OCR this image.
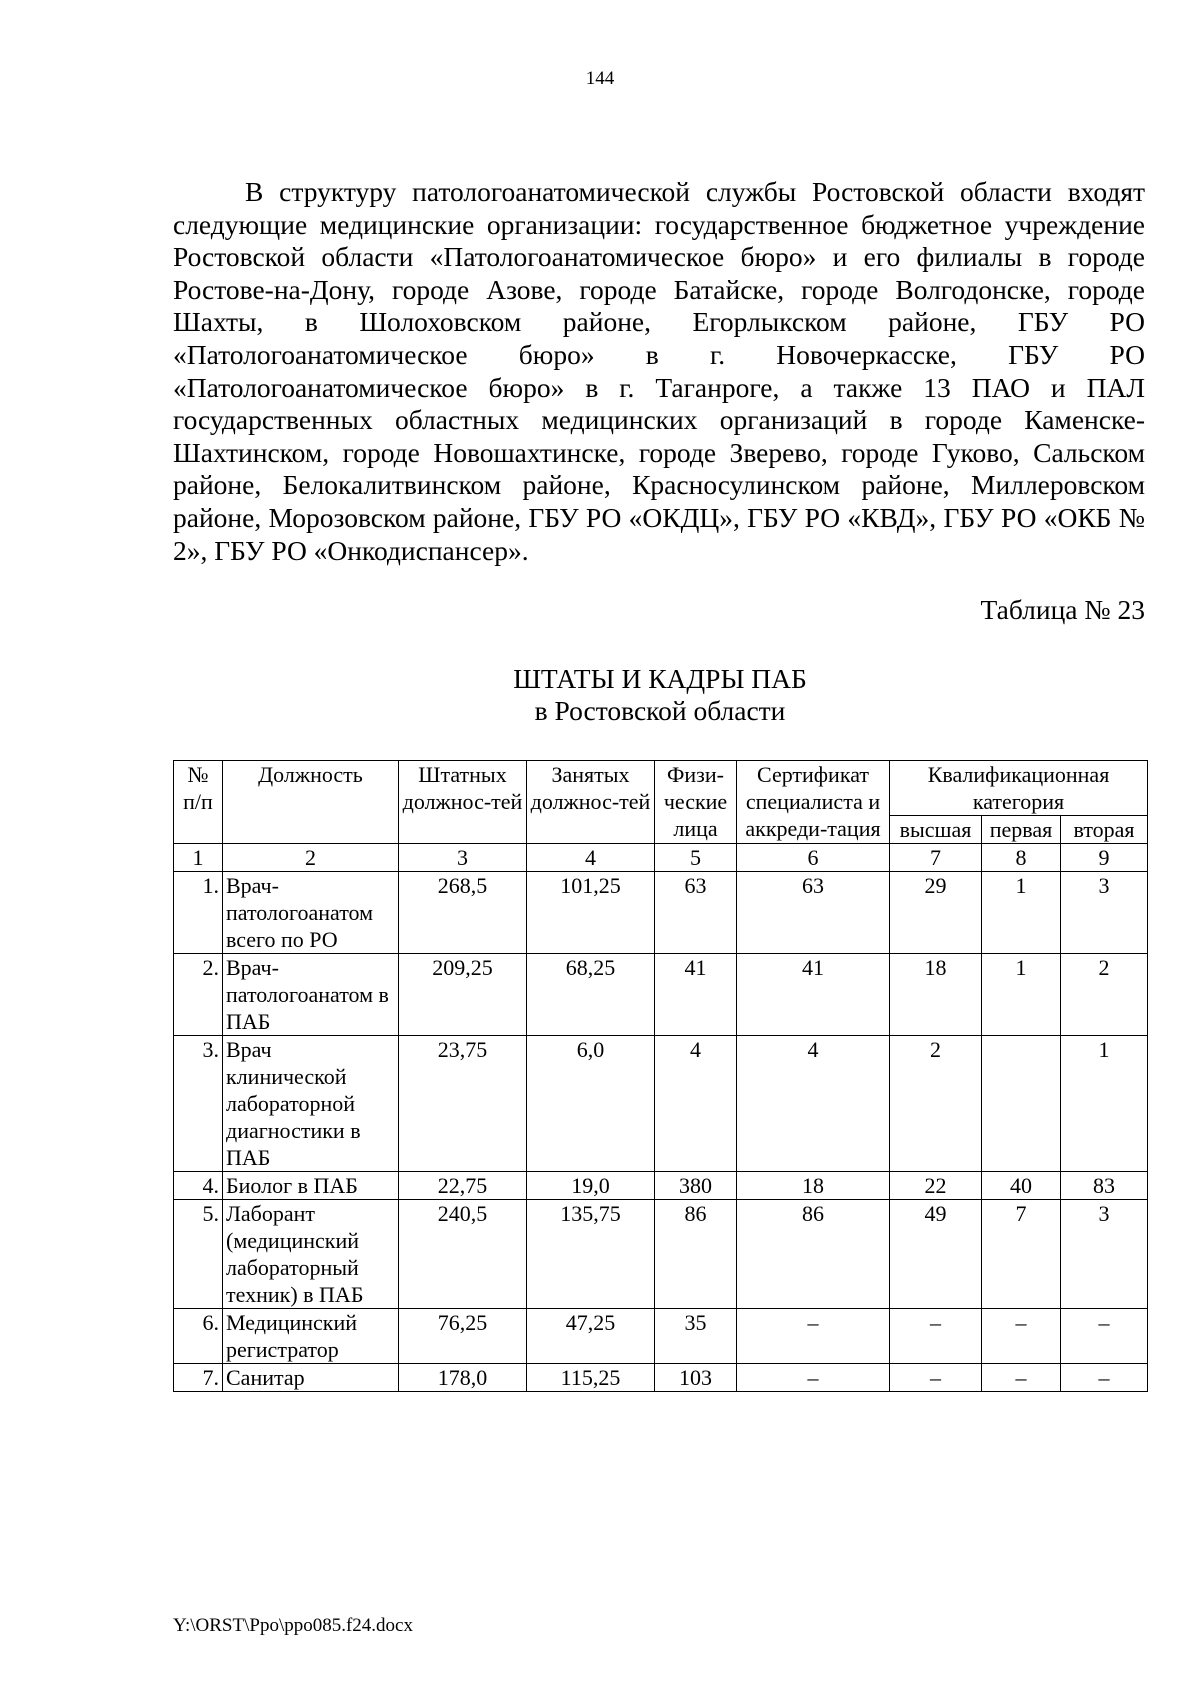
144

В структуру патологоанатомической службы Ростовской области входят следующие медицинские организации: государственное бюджетное учреждение Ростовской области «Патологоанатомическое бюро» и его филиалы в городе Ростове-на-Дону, городе Азове, городе Батайске, городе Волгодонске, городе Шахты, в Шолоховском районе, Егорлыкском районе, ГБУ РО «Патологоанатомическое бюро» в г. Новочеркасске, ГБУ РО «Патологоанатомическое бюро» в г. Таганроге, а также 13 ПАО и ПАЛ государственных областных медицинских организаций в городе Каменске-Шахтинском, городе Новошахтинске, городе Зверево, городе Гуково, Сальском районе, Белокалитвинском районе, Красносулинском районе, Миллеровском районе, Морозовском районе, ГБУ РО «ОКДЦ», ГБУ РО «КВД», ГБУ РО «ОКБ № 2», ГБУ РО «Онкодиспансер».

Таблица № 23
ШТАТЫ И КАДРЫ ПАБ
в Ростовской области
№ п/п	Должность	Штатных должнос-тей	Занятых должнос-тей	Физи-ческие лица	Сертификат специалиста и аккреди-тация	Квалификационная категория		
						высшая	первая	вторая
1	2	3	4	5	6	7	8	9
1.	Врач-патологоанатом всего по РО	268,5	101,25	63	63	29	1	3
2.	Врач-патологоанатом в ПАБ	209,25	68,25	41	41	18	1	2
3.	Врач клинической лабораторной диагностики в ПАБ	23,75	6,0	4	4	2		1
4.	Биолог в ПАБ	22,75	19,0	380	18	22	40	83
5.	Лаборант (медицинский лабораторный техник) в ПАБ	240,5	135,75	86	86	49	7	3
6.	Медицинский регистратор	76,25	47,25	35	–	–	–	–
7.	Санитар	178,0	115,25	103	–	–	–	–
Y:\ORST\Ppo\ppo085.f24.docx
